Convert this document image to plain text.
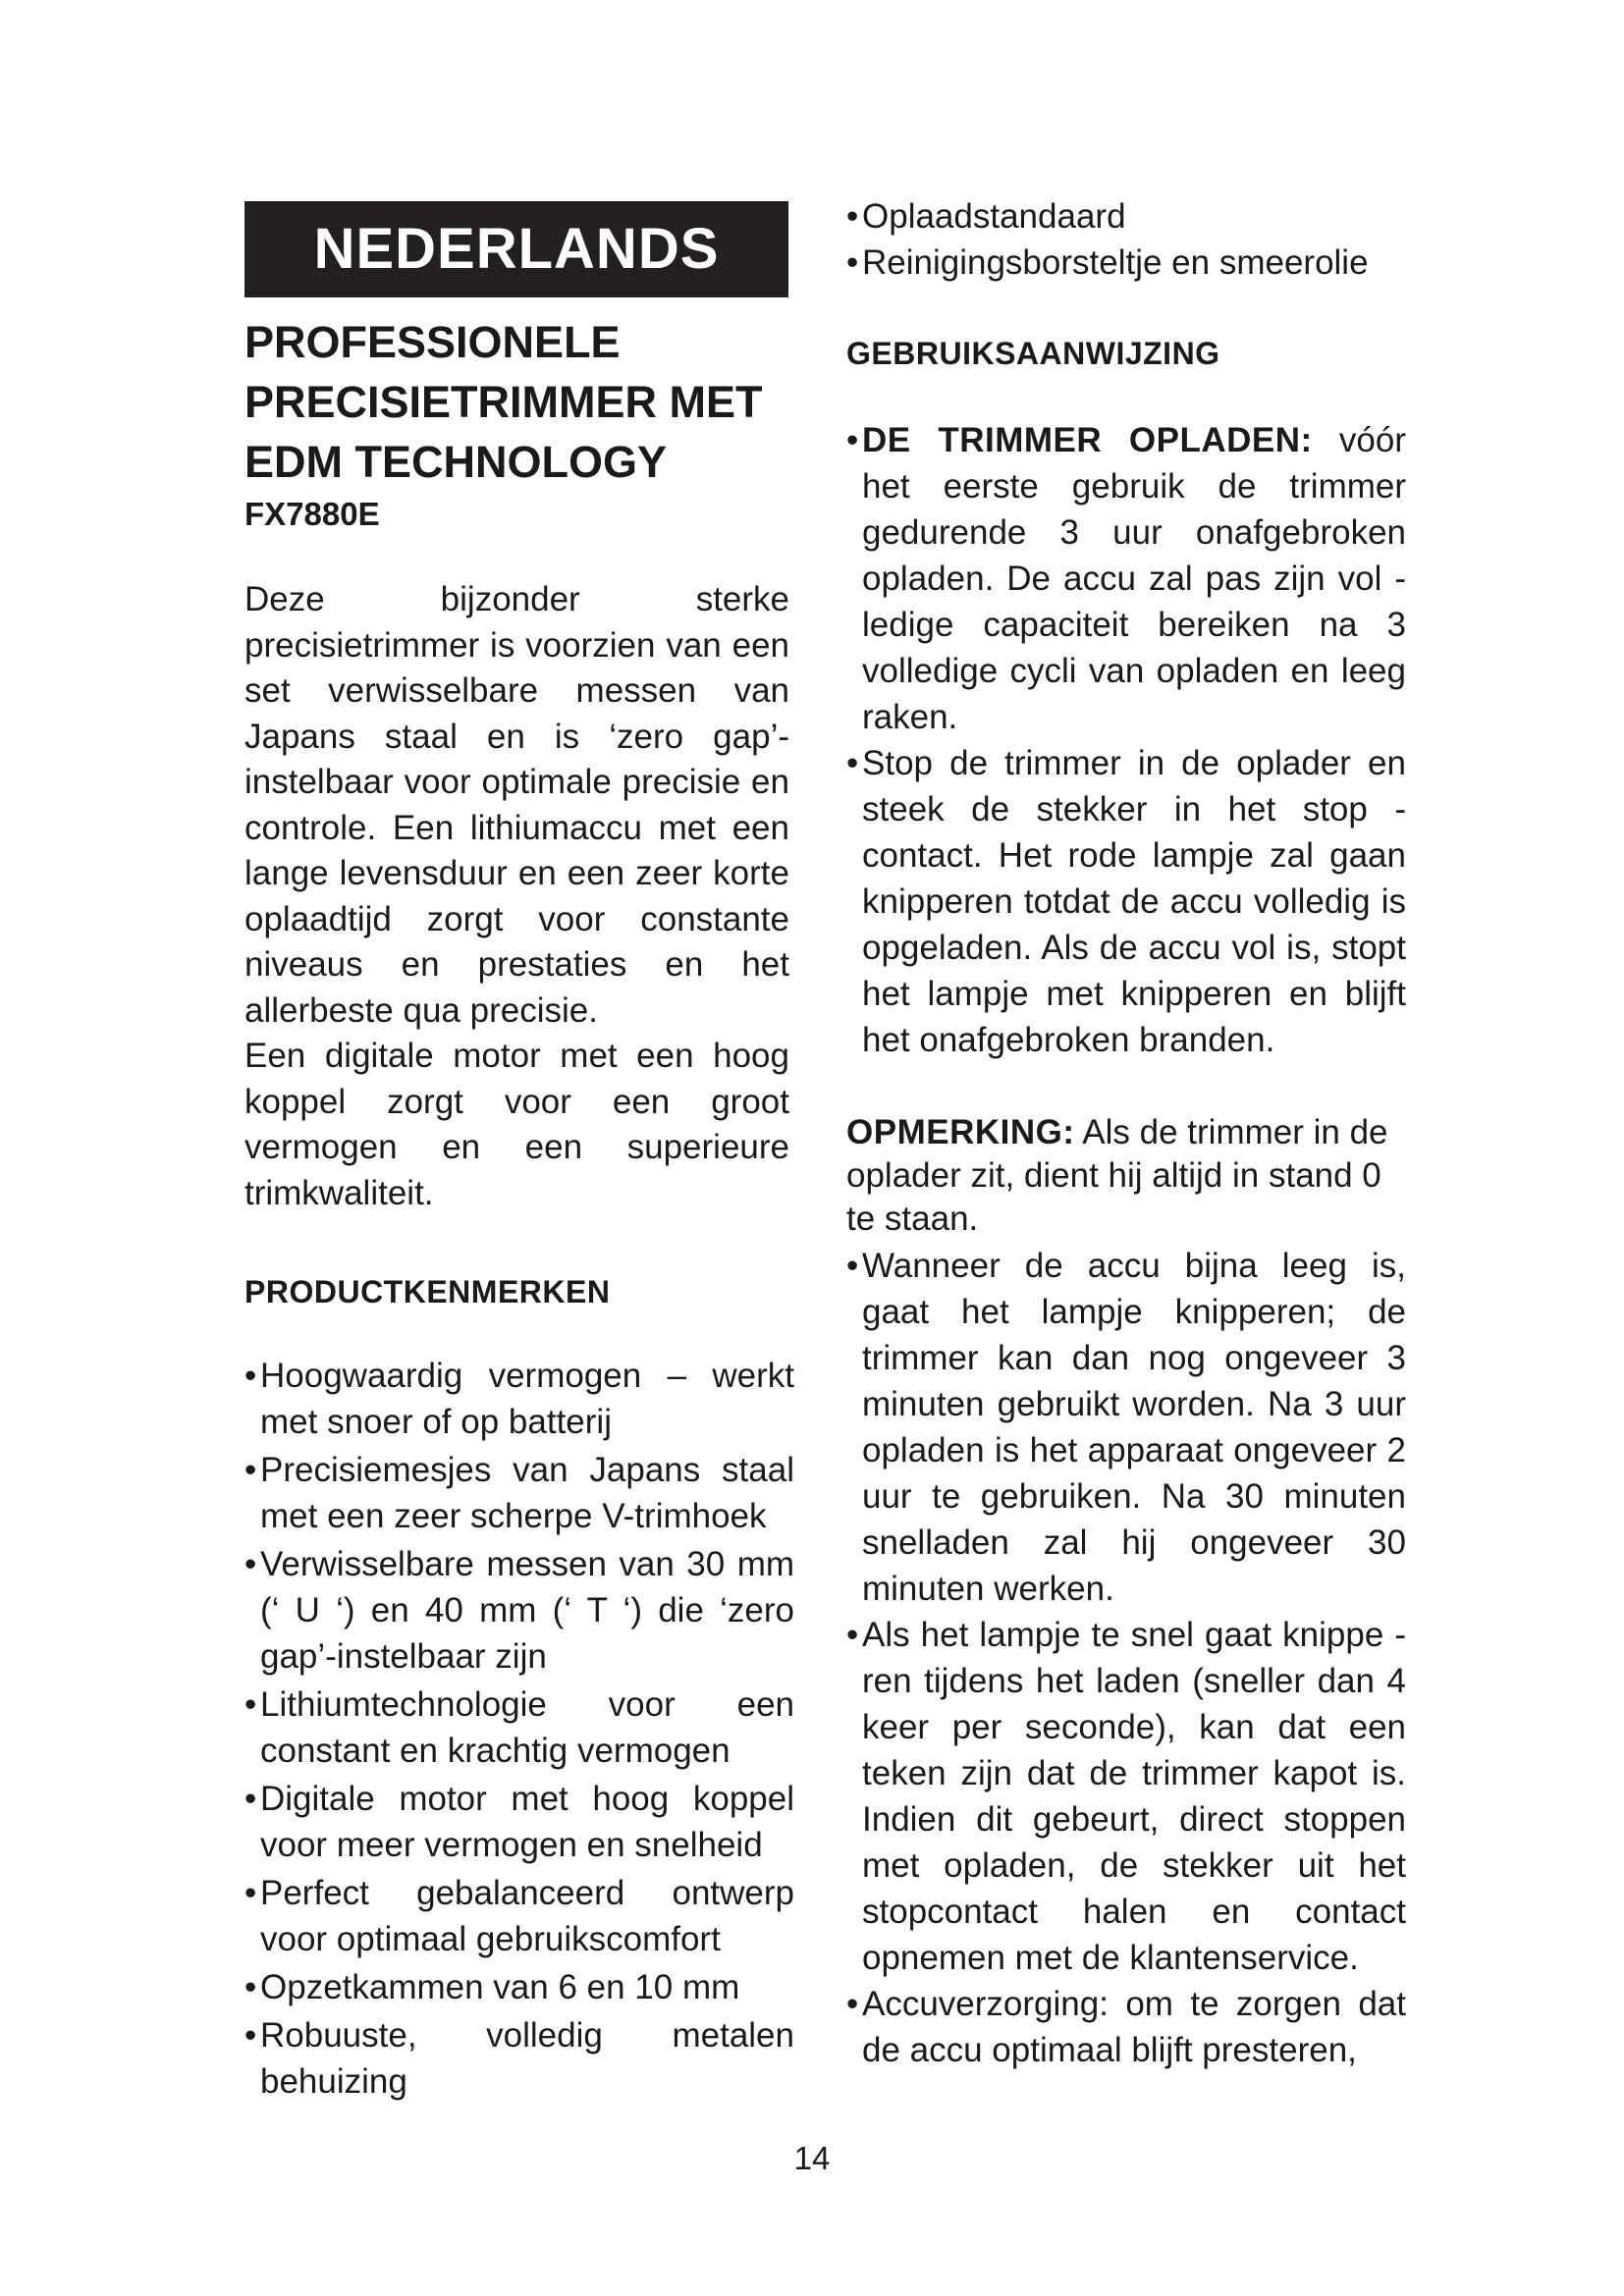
NEDERLANDS
PROFESSIONELE PRECISIETRIMMER MET EDM TECHNOLOGY
FX7880E

Deze bijzonder sterke precisietrimmer is voorzien van een set verwisselbare messen van Japans staal en is ‘zero gap’-instelbaar voor optimale precisie en controle. Een lithiumaccu met een lange levensduur en een zeer korte oplaadtijd zorgt voor constante niveaus en prestaties en het allerbeste qua precisie.

Een digitale motor met een hoog koppel zorgt voor een groot vermogen en een superieure trimkwaliteit.

PRODUCTKENMERKEN
• Hoogwaardig vermogen – werkt met snoer of op batterij
• Precisiemesjes van Japans staal met een zeer scherpe V-trimhoek
• Verwisselbare messen van 30 mm (‘ U ‘) en 40 mm (‘ T ‘) die ‘zero gap’-instelbaar zijn
• Lithiumtechnologie voor een constant en krachtig vermogen
• Digitale motor met hoog koppel voor meer vermogen en snelheid
• Perfect gebalanceerd ontwerp voor optimaal gebruikscomfort
• Opzetkammen van 6 en 10 mm
• Robuuste, volledig metalen behuizing
• Oplaadstandaard
• Reinigingsborsteltje en smeerolie
GEBRUIKSAANWIJZING
• DE TRIMMER OPLADEN: vóór het eerste gebruik de trimmer gedurende 3 uur onafgebroken opladen. De accu zal pas zijn vol - ledige capaciteit bereiken na 3 volledige cycli van opladen en leeg raken.
• Stop de trimmer in de oplader en steek de stekker in het stop - contact. Het rode lampje zal gaan knipperen totdat de accu volledig is opgeladen. Als de accu vol is, stopt het lampje met knipperen en blijft het onafgebroken branden.

OPMERKING: Als de trimmer in de oplader zit, dient hij altijd in stand 0 te staan.

• Wanneer de accu bijna leeg is, gaat het lampje knipperen; de trimmer kan dan nog ongeveer 3 minuten gebruikt worden. Na 3 uur opladen is het apparaat ongeveer 2 uur te gebruiken. Na 30 minuten snelladen zal hij ongeveer 30 minuten werken.
• Als het lampje te snel gaat knippe - ren tijdens het laden (sneller dan 4 keer per seconde), kan dat een teken zijn dat de trimmer kapot is. Indien dit gebeurt, direct stoppen met opladen, de stekker uit het stopcontact halen en contact opnemen met de klantenservice.
• Accuverzorging: om te zorgen dat de accu optimaal blijft presteren,
14
